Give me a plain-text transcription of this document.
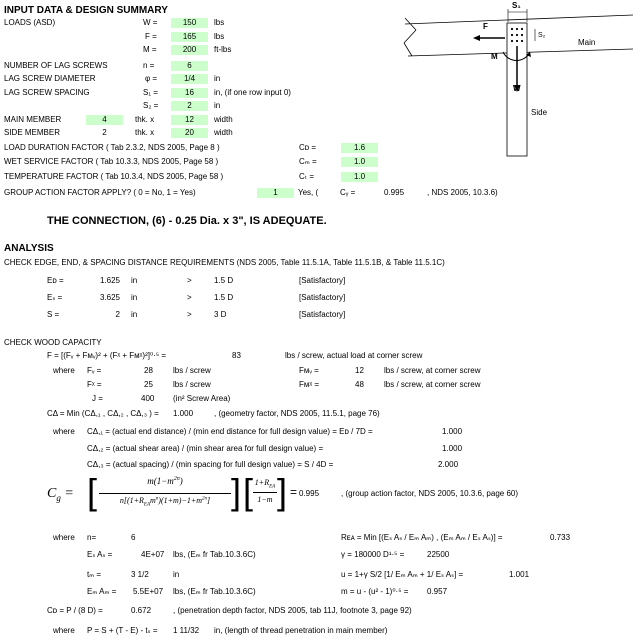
S₁
S₂
F
M
W
Main
Side
INPUT DATA & DESIGN SUMMARY
LOADS (ASD)	W =	150	lbs
F =	165	lbs
M =	200	ft-lbs
NUMBER OF LAG SCREWS	n =	6
LAG SCREW DIAMETER	φ =	1/4	in
LAG SCREW SPACING	S₁ =	16	in, (if one row input 0)
S₂ =	2	in
MAIN MEMBER	4	thk. x	12	width
SIDE MEMBER	2	thk. x	20	width
LOAD DURATION FACTOR ( Tab 2.3.2, NDS 2005, Page 8 )	Cᴅ =	1.6
WET SERVICE FACTOR ( Tab 10.3.3, NDS 2005, Page 58 )	Cₘ =	1.0
TEMPERATURE FACTOR ( Tab 10.3.4, NDS 2005, Page 58 )	Cₜ =	1.0
GROUP ACTION FACTOR APPLY? ( 0 = No, 1 = Yes)	1	Yes, (	Cᵧ =	0.995	, NDS 2005, 10.3.6)
THE CONNECTION, (6) - 0.25 Dia. x 3", IS ADEQUATE.
ANALYSIS
CHECK EDGE, END, & SPACING DISTANCE REQUIREMENTS (NDS 2005, Table 11.5.1A, Table 11.5.1B, & Table 11.5.1C)
Eᴅ =	1.625 in	>	1.5 D	[Satisfactory]
Eₛ =	3.625 in	>	1.5 D	[Satisfactory]
S =	2 in	>	3 D	[Satisfactory]
CHECK WOOD CAPACITY
F = [(Fᵥ + Fᴍᵥ)² + (Fᵡ + Fᴍᵡ)²]⁰·⁵ =	83	lbs / screw, actual load at corner screw
where Fᵥ =	28	lbs / screw	Fᴍᵥ =	12	lbs / screw, at corner screw
Fᵡ =	25	lbs / screw	Fᴍᵡ =	48	lbs / screw, at corner screw
J =	400 (in² Screw Area)
CΔ = Min (CΔ,₁ , CΔ,₂ , CΔ,₃ ) = 1.000	, (geometry factor, NDS 2005, 11.5.1, page 76)
where CΔ,₁ = (actual end distance) / (min end distance for full design value) = Eᴅ / 7D =	1.000
CΔ,₂ = (actual shear area) / (min shear area for full design value) =	1.000
CΔ,₃ = (actual spacing) / (min spacing for full design value) = S / 4D =	2.000
$C_g$ = [	$m(1-m^{2n})$
$n[(1+R_{EA}m^n)(1+m)-1+m^{2n}]$ ] [ $1+R_{EA}$
1−m ] = 0.995	, (group action factor, NDS 2005, 10.3.6, page 60)
where n=	6	Rᴇᴀ = Min [(Eₛ Aₛ / Eₘ Aₘ) , (Eₘ Aₘ / Eₛ Aₛ)] =	0.733
Eₛ Aₛ =	4E+07 lbs, (Eₘ fr Tab.10.3.6C)	γ = 180000 D¹·⁵ =	22500
tₘ =	3 1/2	in	u = 1+γ S/2 [1/ Eₘ Aₘ + 1/ Eₛ Aₛ] =	1.001
Eₘ Aₘ = 5.5E+07 lbs, (Eₘ fr Tab.10.3.6C)	m = u - (u² - 1)⁰·⁵ = 0.957
Cᴅ = P / (8 D) =	0.672	, (penetration depth factor, NDS 2005, tab 11J, footnote 3, page 92)
where P = S + (T - E) - tₛ = 1 11/32 in, (length of thread penetration in main member)
